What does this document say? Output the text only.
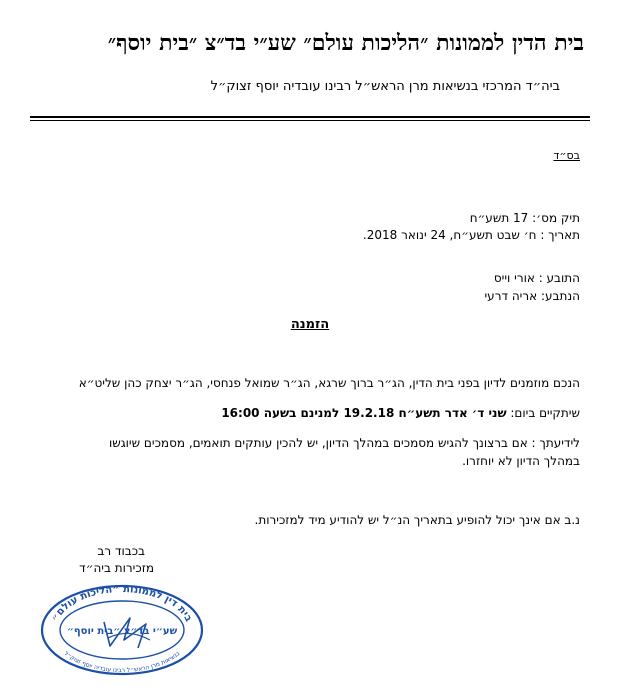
בית הדין לממונות ״הליכות עולם״ שע״י בד״צ ״בית יוסף״
ביה״ד המרכזי בנשיאות מרן הראש״ל רבינו עובדיה יוסף זצוק״ל
בס״ד
תיק מס׳: 17 תשע״ח
תאריך : ח׳ שבט תשע״ח, 24 ינואר 2018.
התובע : אורי וייס
הנתבע: אריה דרעי
הזמנה
הנכם מוזמנים לדיון בפני בית הדין, הג״ר ברוך שרגא, הג״ר שמואל פנחסי, הג״ר יצחק כהן שליט״א
שיתקיים ביום: שני ד׳ אדר תשע״ח 19.2.18 למנינם בשעה 16:00
לידיעתך : אם ברצונך להגיש מסמכים במהלך הדיון, יש להכין עותקים תואמים, מסמכים שיוגשו
במהלך הדיון לא יוחזרו.
נ.ב אם אינך יכול להופיע בתאריך הנ״ל יש להודיע מיד למזכירות.
בכבוד רב
מזכירות ביה״ד
בית דין לממונות ״הליכות עולם״
שע״י בד״צ ״בית יוסף״
בנשיאות מרן הראש״ל רבינו עובדיה יוסף זצוק״ל
